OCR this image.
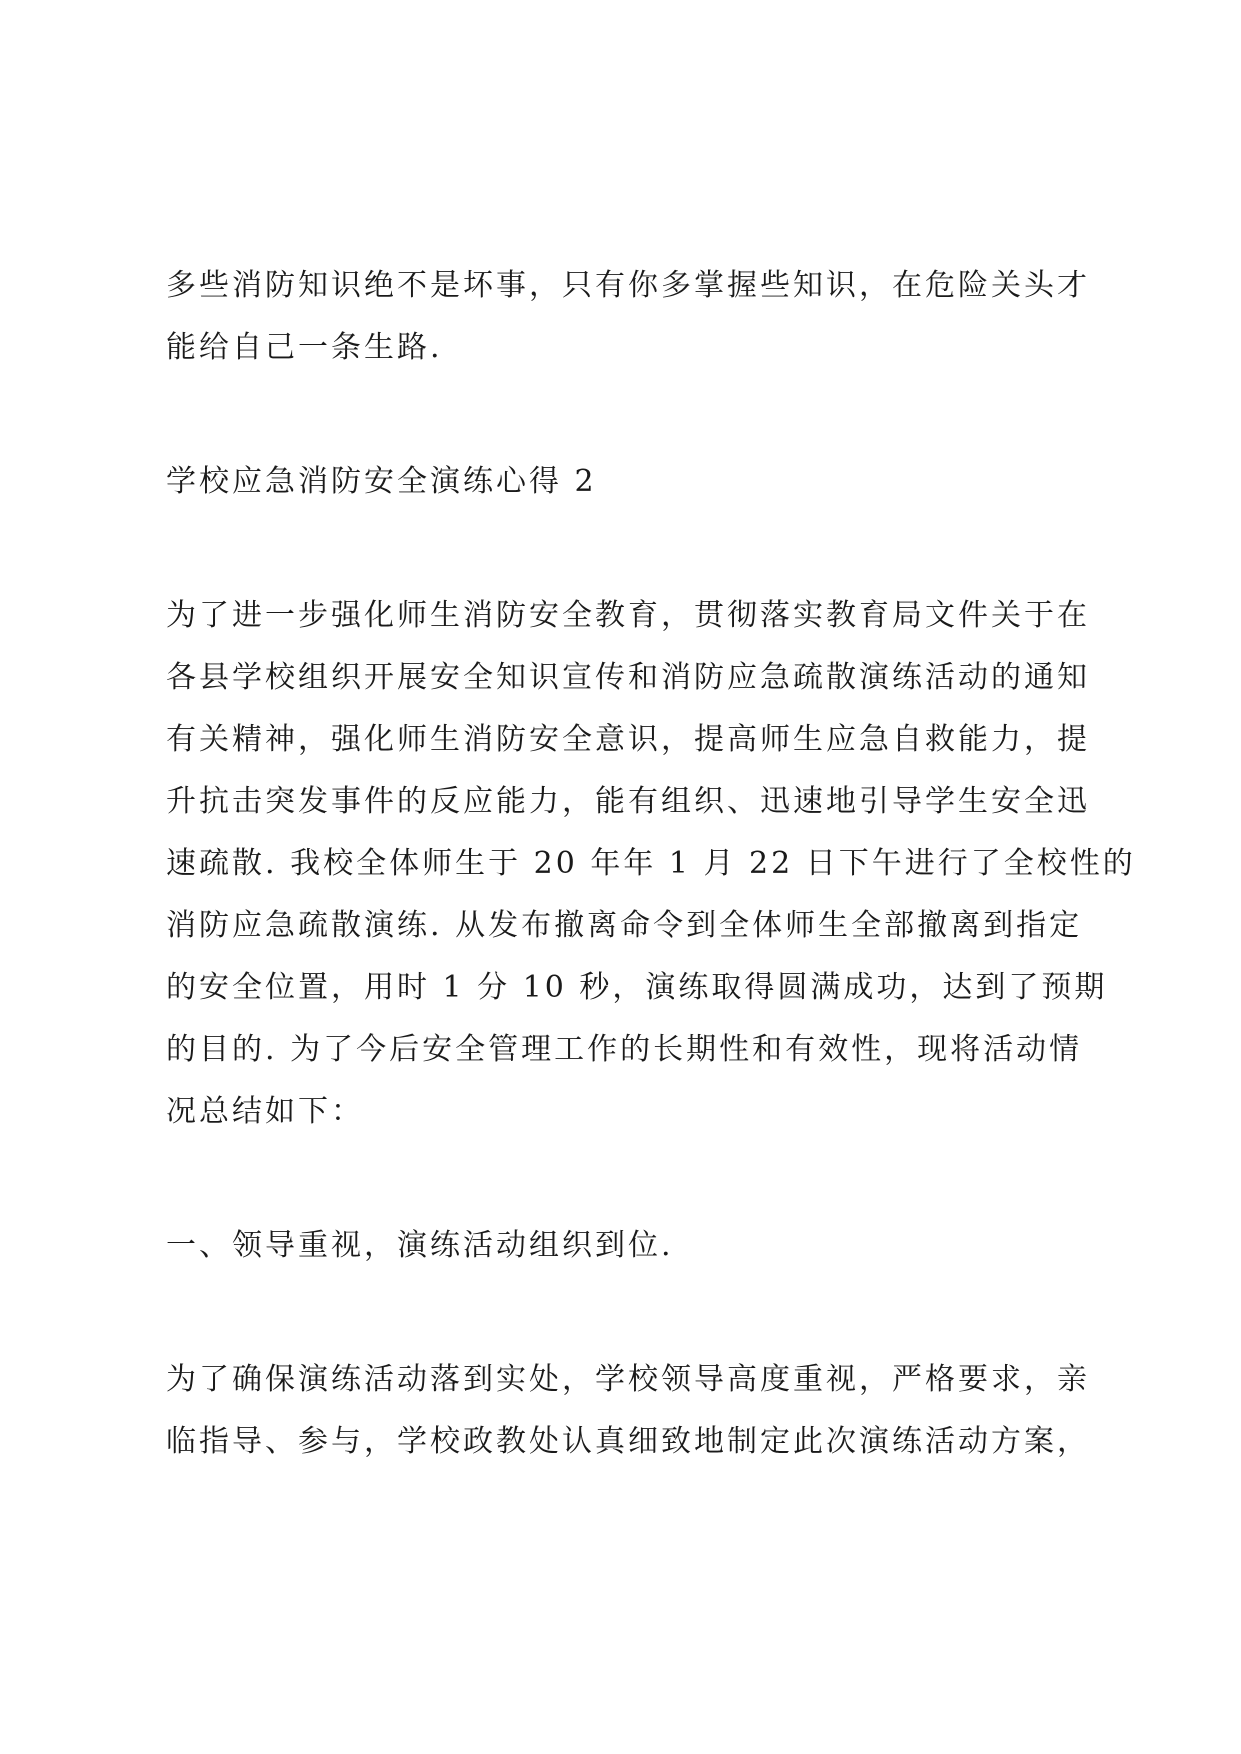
多些消防知识绝不是坏事，只有你多掌握些知识，在危险关头才
能给自己一条生路.
学校应急消防安全演练心得 2
为了进一步强化师生消防安全教育，贯彻落实教育局文件关于在
各县学校组织开展安全知识宣传和消防应急疏散演练活动的通知
有关精神，强化师生消防安全意识，提高师生应急自救能力，提
升抗击突发事件的反应能力，能有组织、迅速地引导学生安全迅
速疏散. 我校全体师生于 20 年年 1 月 22 日下午进行了全校性的
消防应急疏散演练. 从发布撤离命令到全体师生全部撤离到指定
的安全位置，用时 1 分 10 秒，演练取得圆满成功，达到了预期
的目的. 为了今后安全管理工作的长期性和有效性，现将活动情
况总结如下：
一、领导重视，演练活动组织到位.
为了确保演练活动落到实处，学校领导高度重视，严格要求，亲
临指导、参与，学校政教处认真细致地制定此次演练活动方案，
